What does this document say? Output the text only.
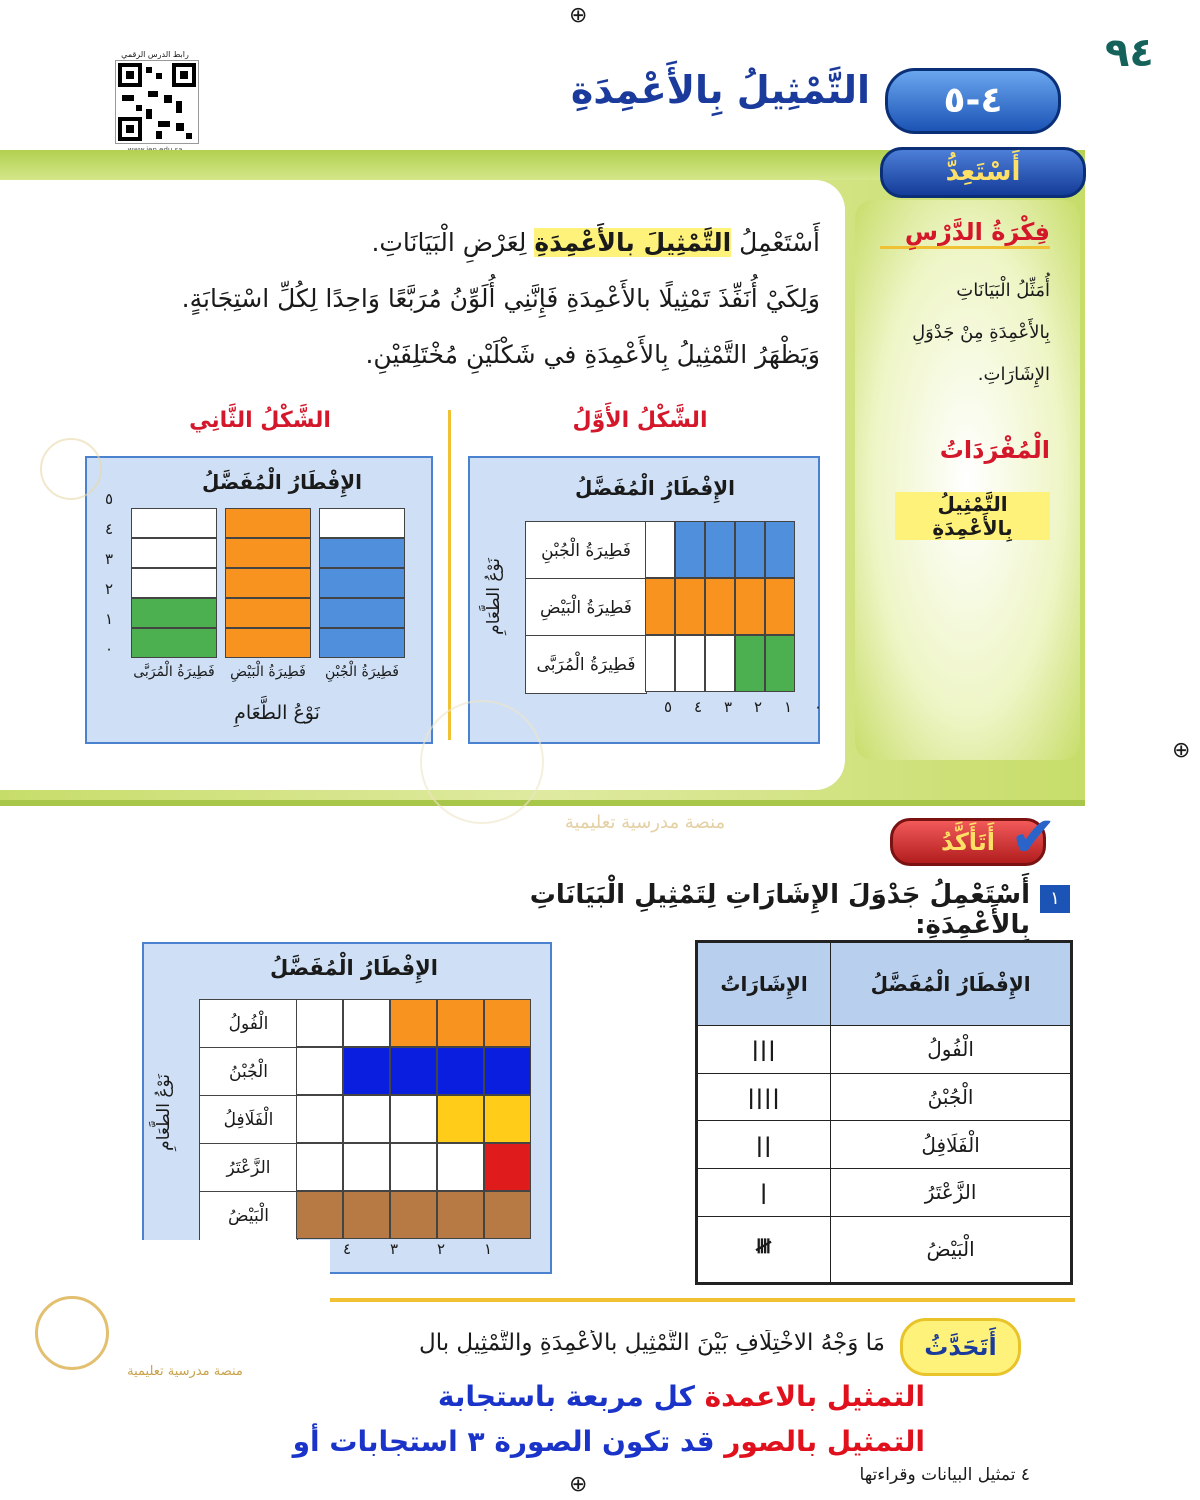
٩٤
رابط الدرس الرقمي
٤-٥
التَّمْثِيلُ بِالأَعْمِدَةِ
أَسْتَعِدُّ
فِكْرَةُ الدَّرْسِ
أُمَثِّلُ الْبَيَانَاتِ
بِالأَعْمِدَةِ مِنْ جَدْوَلِ
الإِشَارَاتِ.
الْمُفْرَدَاتُ
التَّمْثِيلُ بِالأَعْمِدَةِ
أَسْتَعْمِلُ التَّمْثِيلَ بالأَعْمِدَةِ لِعَرْضِ الْبَيَانَاتِ.
وَلِكَيْ أُنَفِّذَ تَمْثِيلًا بالأَعْمِدَةِ فَإِنَّنِي أُلَوِّنُ مُرَبَّعًا وَاحِدًا لِكُلِّ اسْتِجَابَةٍ.
وَيَظْهَرُ التَّمْثِيلُ بِالأَعْمِدَةِ في شَكْلَيْنِ مُخْتَلِفَيْنِ.
الشَّكْلُ الأَوَّلُ
الإِفْطَارُ الْمُفَضَّلُ
نَوْعُ الطَّعَامِ
فَطِيرَةُ الْجُبْنِ
فَطِيرَةُ الْبَيْضِ
فَطِيرَةُ الْمُرَبَّى
٠
١
٢
٣
٤
٥
الشَّكْلُ الثَّانِي
الإِفْطَارُ الْمُفَضَّلُ
٠
١
٢
٣
٤
٥
فَطِيرَةُ الْجُبْنِ
فَطِيرَةُ الْبَيْضِ
فَطِيرَةُ الْمُرَبَّى
نَوْعُ الطَّعَامِ
منصة مدرسية تعليمية
أَتَأَكَّدُ ✔
١
أَسْتَعْمِلُ جَدْوَلَ الإِشَارَاتِ لِتَمْثِيلِ الْبَيَانَاتِ بِالأَعْمِدَةِ:
الإِفْطَارُ الْمُفَضَّلُ	الإِشَارَاتُ
الْفُولُ	|||
الْجُبْنُ	||||
الْفَلَافِلُ	||
الزَّعْتَرُ	|
الْبَيْضُ	𝍸
الإِفْطَارُ الْمُفَضَّلُ
نَوْعُ الطَّعَامِ
الْفُولُ
الْجُبْنُ
الْفَلَافِلُ
الزَّعْتَرُ
الْبَيْضُ
١
٢
٣
٤
منصة مدرسية تعليمية
أَتَحَدَّثُ
مَا وَجْهُ الاخْتِلَافِ بَيْنَ التَّمْثِيلِ بالأَعْمِدَةِ والتَّمْثِيلِ بال
التمثيل بالاعمدة كل مربعة باستجابة
التمثيل بالصور قد تكون الصورة ٣ استجابات أو
٤ تمثيل البيانات وقراءتها
⊕
⊕
⊕
